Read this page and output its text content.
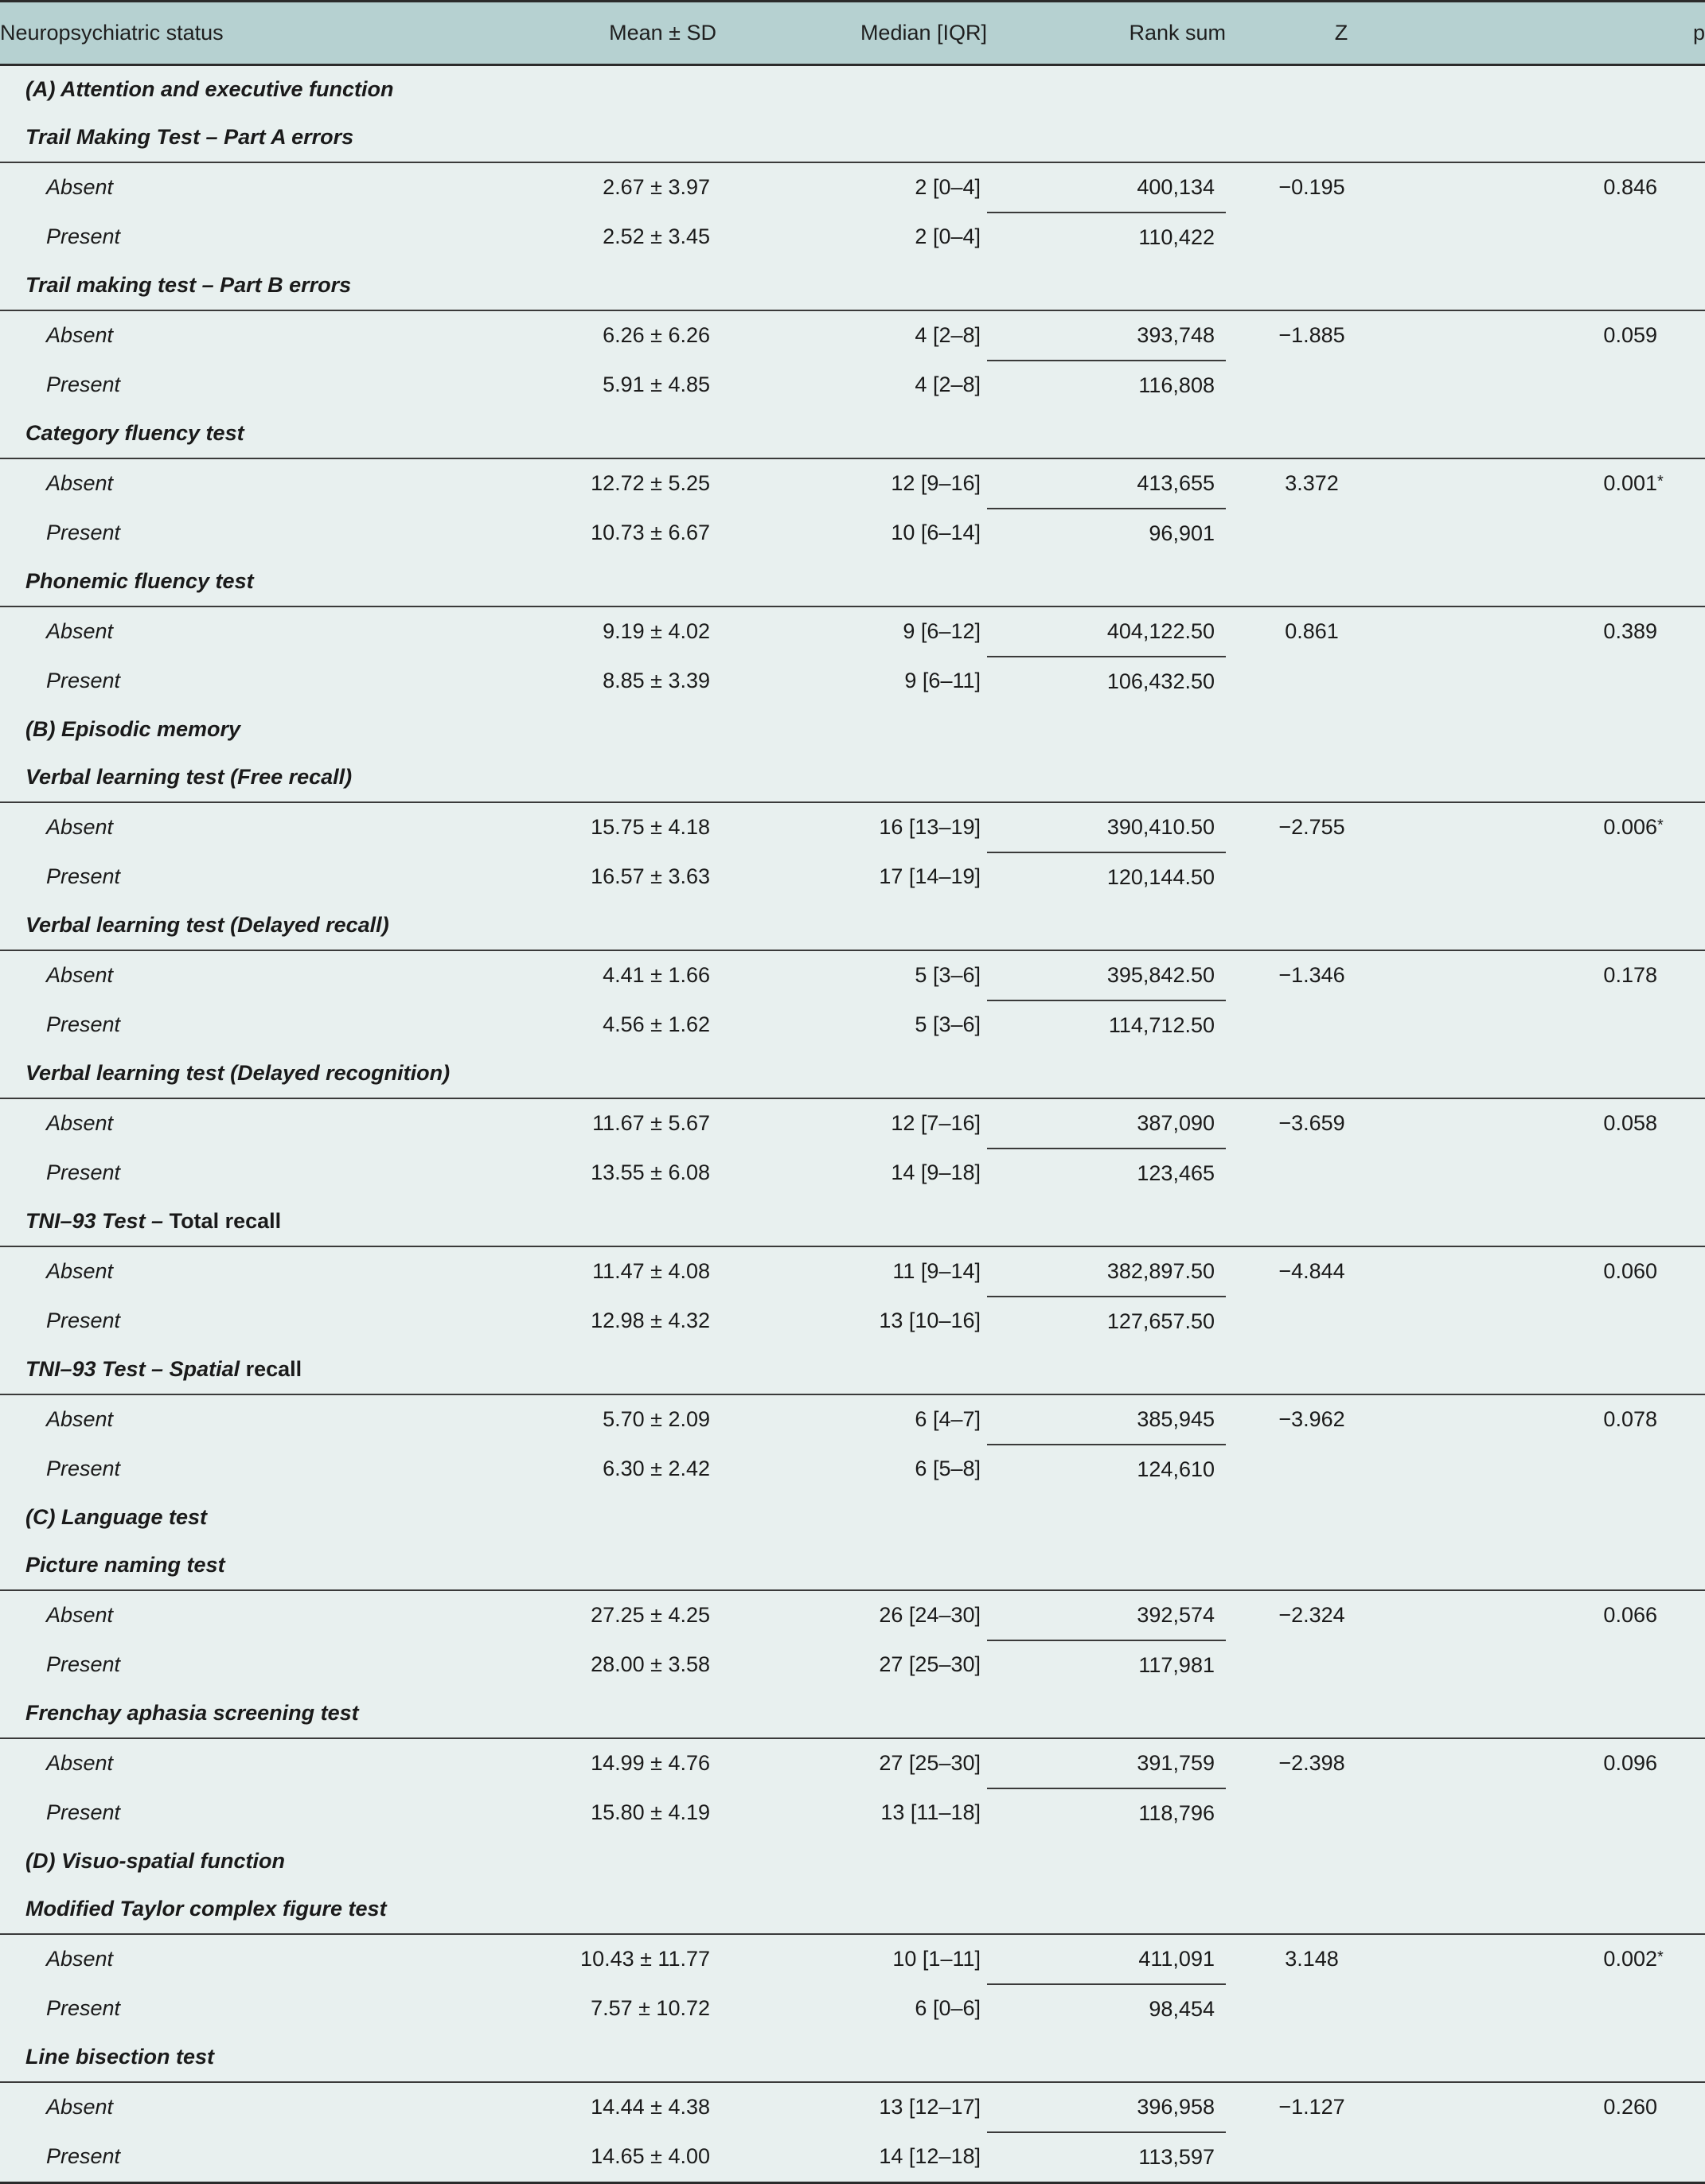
Neuropsychiatric status	Mean ± SD	Median [IQR]	Rank sum	Z	p
(A) Attention and executive function					
Trail Making Test – Part A errors					
Absent	2.67 ± 3.97	2 [0–4]	400,134	−0.195	0.846
Present	2.52 ± 3.45	2 [0–4]	110,422		
Trail making test – Part B errors					
Absent	6.26 ± 6.26	4 [2–8]	393,748	−1.885	0.059
Present	5.91 ± 4.85	4 [2–8]	116,808		
Category fluency test					
Absent	12.72 ± 5.25	12 [9–16]	413,655	3.372	0.001*
Present	10.73 ± 6.67	10 [6–14]	96,901		
Phonemic fluency test					
Absent	9.19 ± 4.02	9 [6–12]	404,122.50	0.861	0.389
Present	8.85 ± 3.39	9 [6–11]	106,432.50		
(B) Episodic memory					
Verbal learning test (Free recall)					
Absent	15.75 ± 4.18	16 [13–19]	390,410.50	−2.755	0.006*
Present	16.57 ± 3.63	17 [14–19]	120,144.50		
Verbal learning test (Delayed recall)					
Absent	4.41 ± 1.66	5 [3–6]	395,842.50	−1.346	0.178
Present	4.56 ± 1.62	5 [3–6]	114,712.50		
Verbal learning test (Delayed recognition)					
Absent	11.67 ± 5.67	12 [7–16]	387,090	−3.659	0.058
Present	13.55 ± 6.08	14 [9–18]	123,465		
TNI–93 Test – Total recall					
Absent	11.47 ± 4.08	11 [9–14]	382,897.50	−4.844	0.060
Present	12.98 ± 4.32	13 [10–16]	127,657.50		
TNI–93 Test – Spatial recall					
Absent	5.70 ± 2.09	6 [4–7]	385,945	−3.962	0.078
Present	6.30 ± 2.42	6 [5–8]	124,610		
(C) Language test					
Picture naming test					
Absent	27.25 ± 4.25	26 [24–30]	392,574	−2.324	0.066
Present	28.00 ± 3.58	27 [25–30]	117,981		
Frenchay aphasia screening test					
Absent	14.99 ± 4.76	27 [25–30]	391,759	−2.398	0.096
Present	15.80 ± 4.19	13 [11–18]	118,796		
(D) Visuo-spatial function					
Modified Taylor complex figure test					
Absent	10.43 ± 11.77	10 [1–11]	411,091	3.148	0.002*
Present	7.57 ± 10.72	6 [0–6]	98,454		
Line bisection test					
Absent	14.44 ± 4.38	13 [12–17]	396,958	−1.127	0.260
Present	14.65 ± 4.00	14 [12–18]	113,597		
